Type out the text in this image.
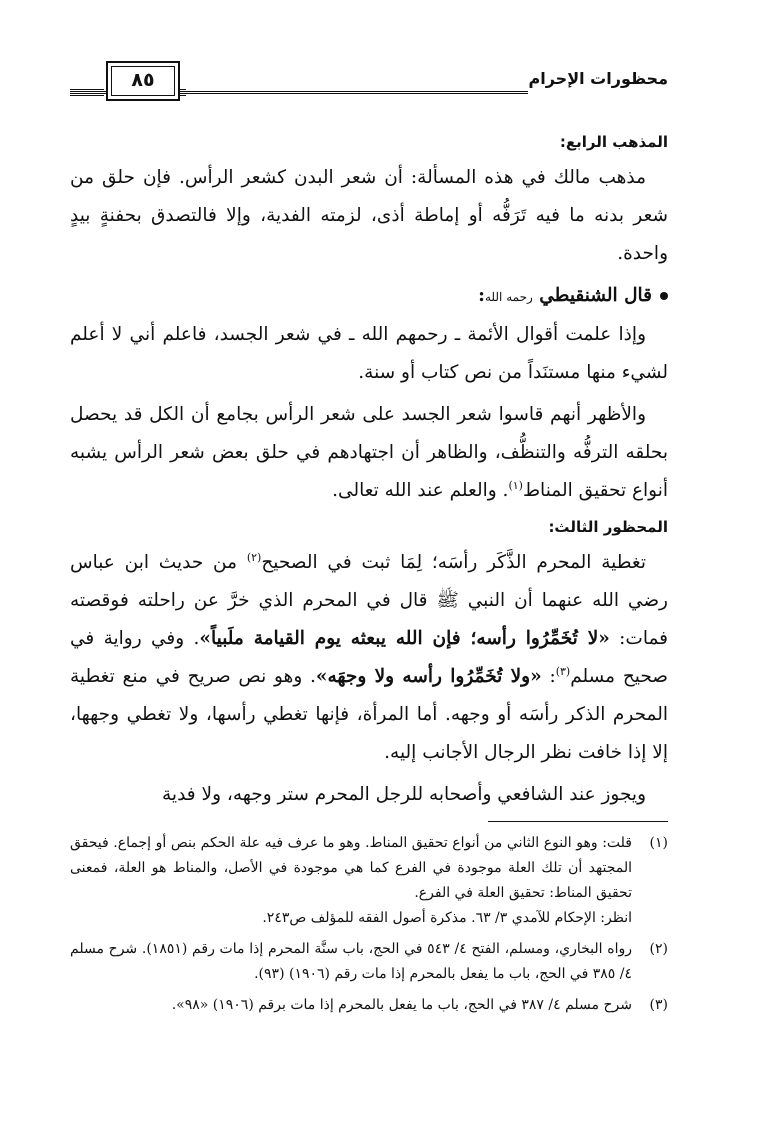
محظورات الإحرام
٨٥

المذهب الرابع:

مذهب مالك في هذه المسألة: أن شعر البدن كشعر الرأس. فإن حلق من شعر بدنه ما فيه تَرَفُّه أو إماطة أذى، لزمته الفدية، وإلا فالتصدق بحفنةٍ بيدٍ واحدة.

قال الشنقيطي رحمه الله:

وإذا علمت أقوال الأئمة ـ رحمهم الله ـ في شعر الجسد، فاعلم أني لا أعلم لشيء منها مستنَداً من نص كتاب أو سنة.

والأظهر أنهم قاسوا شعر الجسد على شعر الرأس بجامع أن الكل قد يحصل بحلقه الترفُّه والتنظُّف، والظاهر أن اجتهادهم في حلق بعض شعر الرأس يشبه أنواع تحقيق المناط$^{(١)}$. والعلم عند الله تعالى.

المحظور الثالث:

تغطية المحرم الذَّكَر رأسَه؛ لِمَا ثبت في الصحيح$^{(٢)}$ من حديث ابن عباس رضي الله عنهما أن النبي ﷺ قال في المحرم الذي خرَّ عن راحلته فوقصته فمات: «لا تُخَمِّرُوا رأسه؛ فإن الله يبعثه يوم القيامة ملَبياً». وفي رواية في صحيح مسلم$^{(٣)}$: «ولا تُخَمِّرُوا رأسه ولا وجهَه». وهو نص صريح في منع تغطية المحرم الذكر رأسَه أو وجهه. أما المرأة، فإنها تغطي رأسها، ولا تغطي وجهها، إلا إذا خافت نظر الرجال الأجانب إليه.

ويجوز عند الشافعي وأصحابه للرجل المحرم ستر وجهه، ولا فدية

(١)

قلت: وهو النوع الثاني من أنواع تحقيق المناط. وهو ما عرف فيه علة الحكم بنص أو إجماع. فيحقق المجتهد أن تلك العلة موجودة في الفرع كما هي موجودة في الأصل، والمناط هو العلة، فمعنى تحقيق المناط: تحقيق العلة في الفرع.

انظر: الإحكام للآمدي ٣/ ٦٣. مذكرة أصول الفقه للمؤلف ص٢٤٣.

(٢)

رواه البخاري، ومسلم، الفتح ٤/ ٥٤٣ في الحج، باب سنَّة المحرم إذا مات رقم (١٨٥١). شرح مسلم ٤/ ٣٨٥ في الحج، باب ما يفعل بالمحرم إذا مات رقم (١٩٠٦) (٩٣).

(٣)

شرح مسلم ٤/ ٣٨٧ في الحج، باب ما يفعل بالمحرم إذا مات برقم (١٩٠٦) «٩٨».
